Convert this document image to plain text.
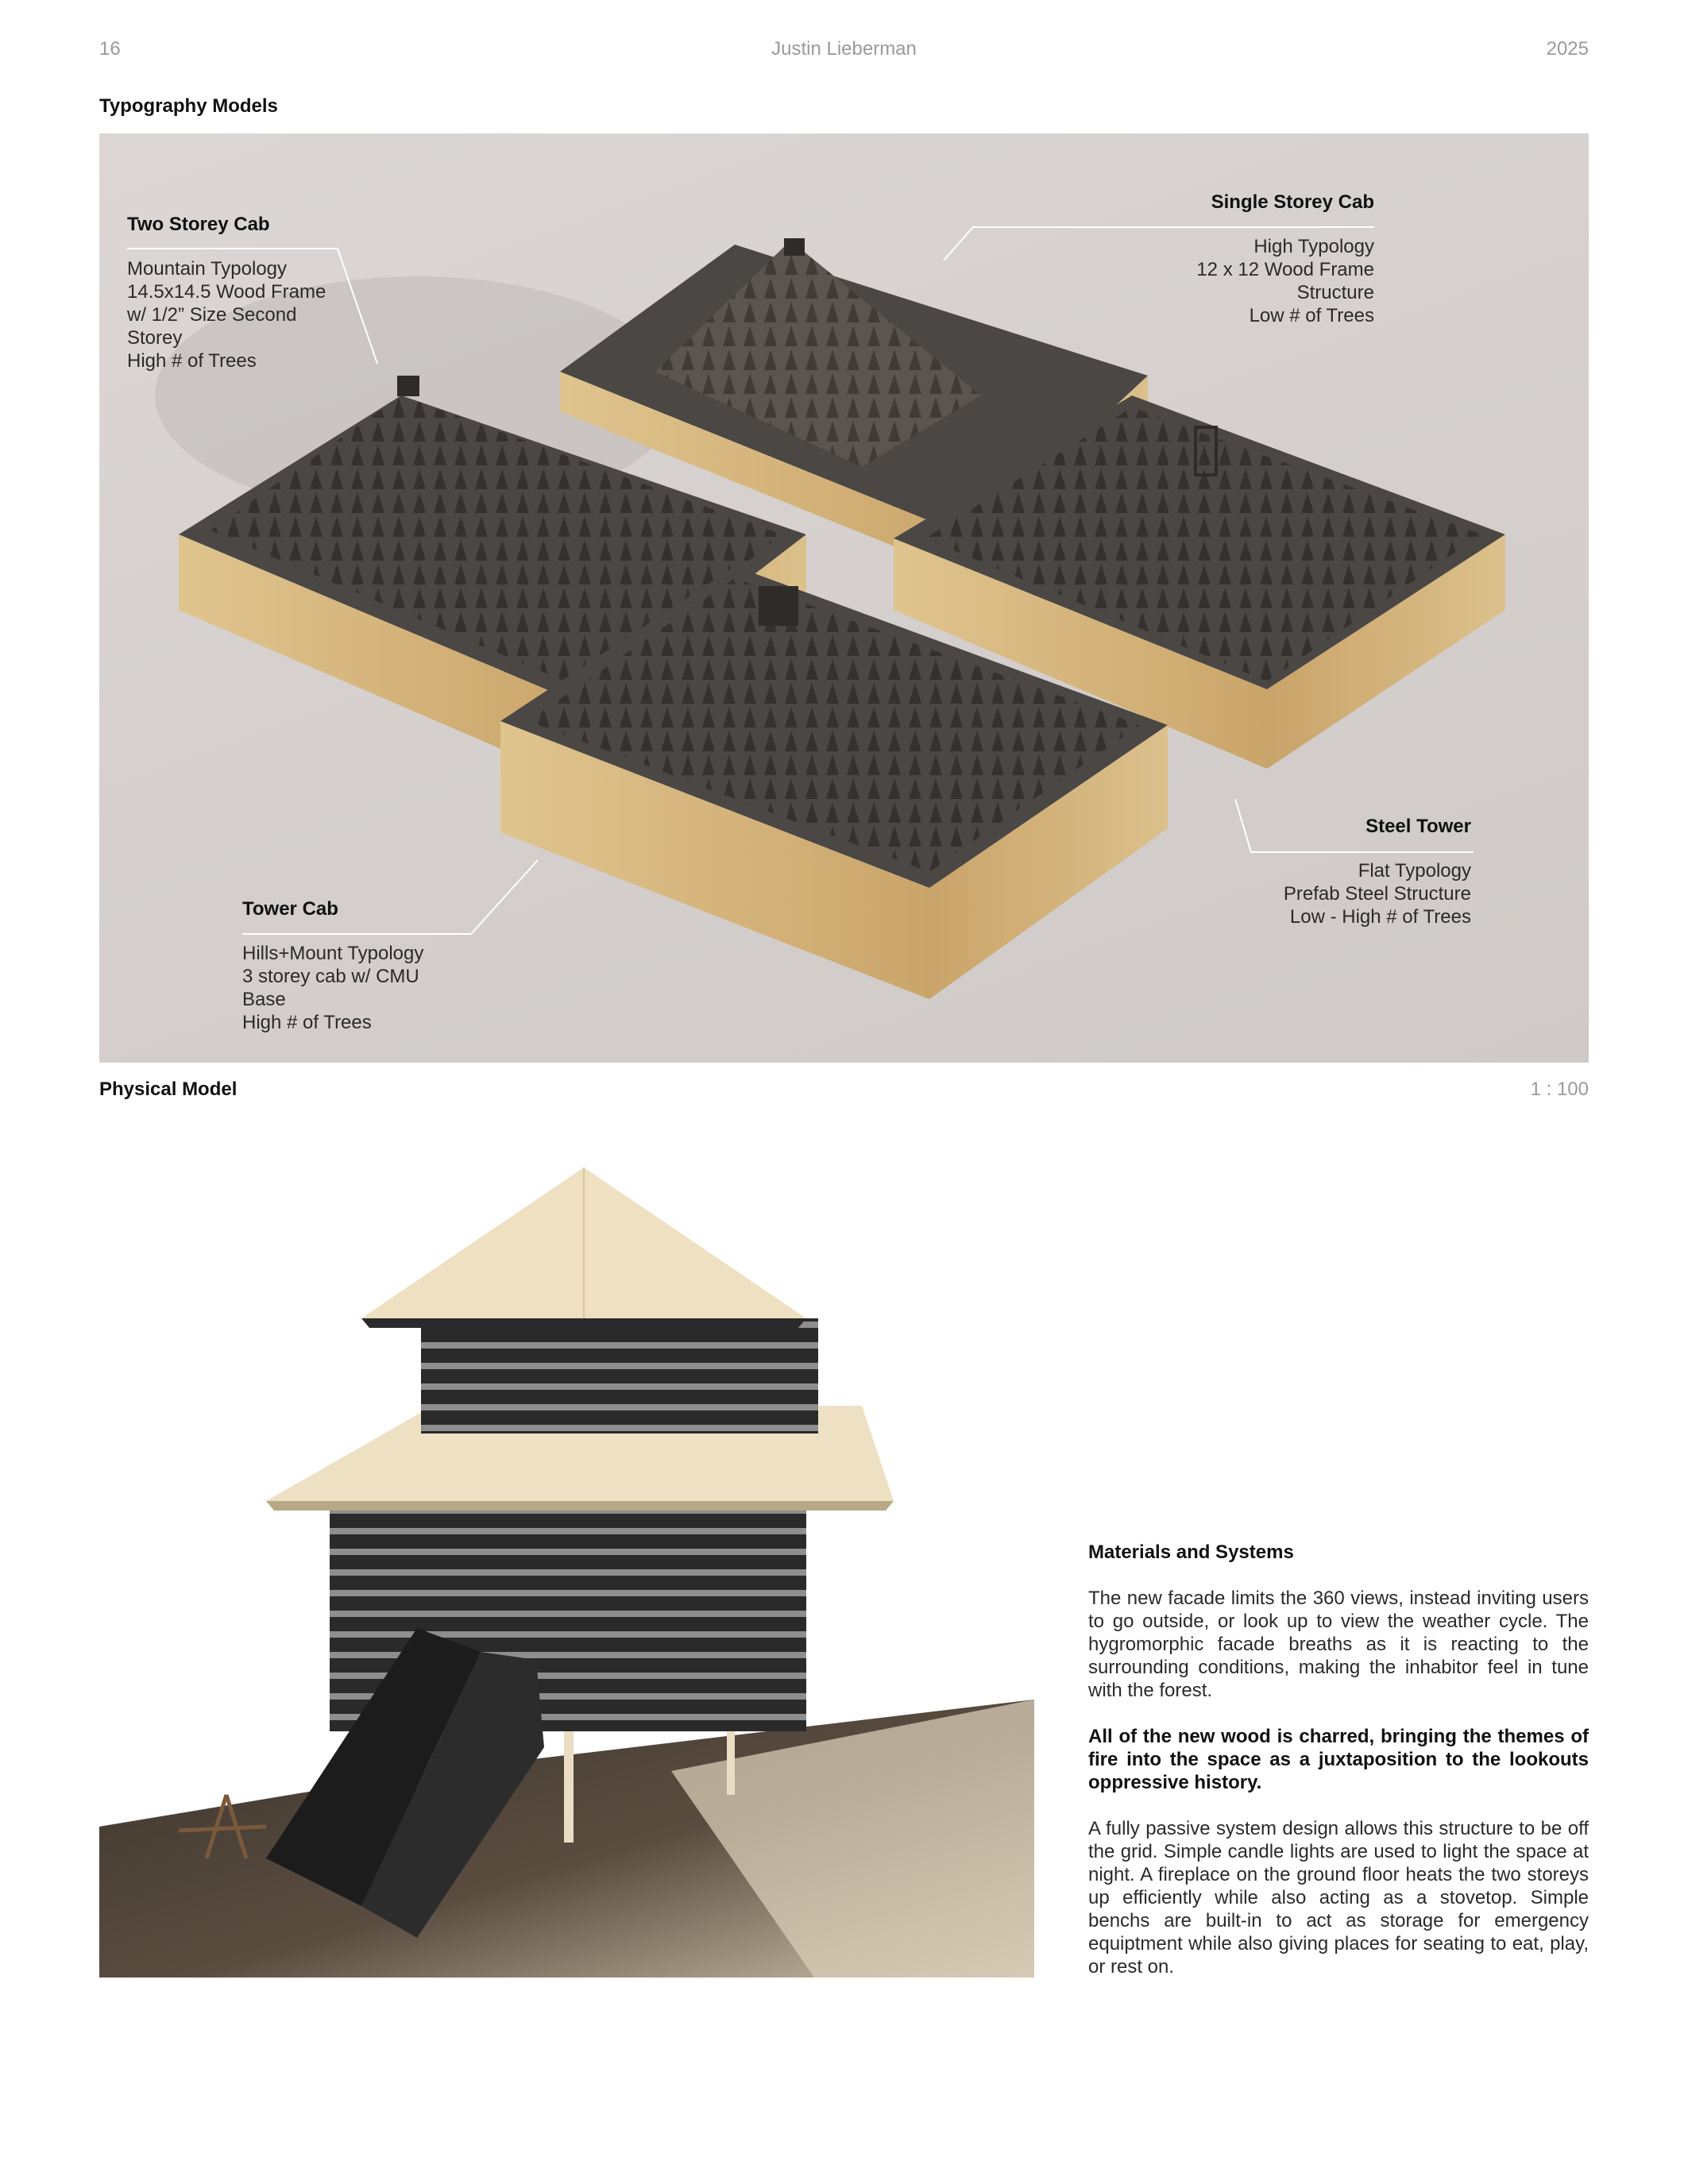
16	Justin Lieberman	2025
Typography Models
Two Storey Cab
Mountain Typology
14.5x14.5 Wood Frame
w/ 1/2” Size Second
Storey
High # of Trees
Single Storey Cab
High Typology
12 x 12 Wood Frame
Structure
Low # of Trees
Steel Tower
Flat Typology
Prefab Steel Structure
Low - High # of Trees
Tower Cab
Hills+Mount Typology
3 storey cab w/ CMU
Base
High # of Trees
Physical Model	1 : 100
Materials and Systems

The new facade limits the 360 views, instead inviting users to go outside, or look up to view the weather cycle. The hygromorphic facade breaths as it is reacting to the surrounding conditions, making the inhabitor feel in tune with the forest.

All of the new wood is charred, bringing the themes of fire into the space as a juxtaposition to the lookouts oppressive history.

A fully passive system design allows this structure to be off the grid. Simple candle lights are used to light the space at night. A fireplace on the ground floor heats the two storeys up efficiently while also acting as a stovetop. Simple benchs are built-in to act as storage for emergency equiptment while also giving places for seating to eat, play, or rest on.
